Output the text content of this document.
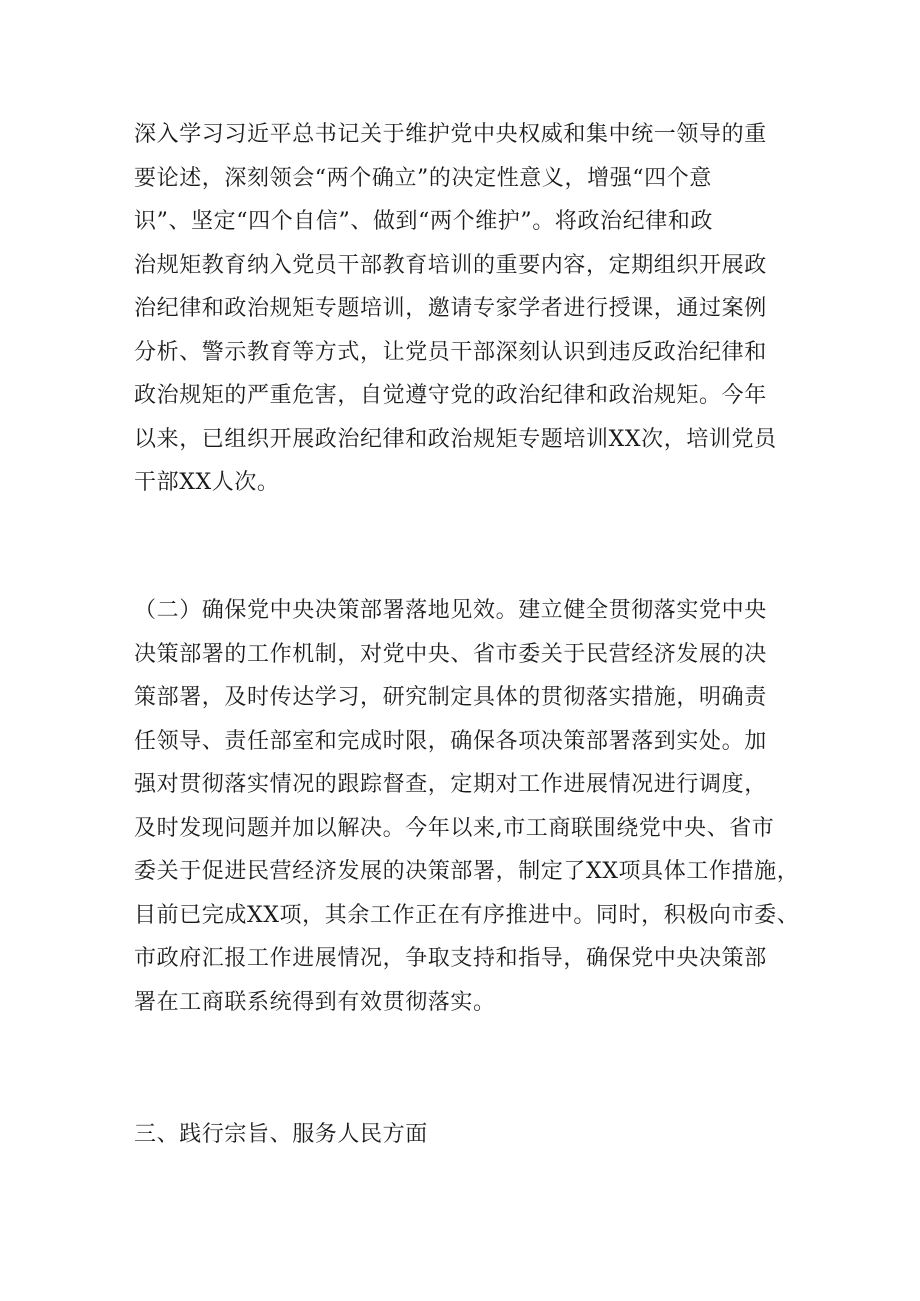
深入学习习近平总书记关于维护党中央权威和集中统一领导的重
要论述，深刻领会“两个确立”的决定性意义，增强“四个意
识”、坚定“四个自信”、做到“两个维护”。将政治纪律和政
治规矩教育纳入党员干部教育培训的重要内容，定期组织开展政
治纪律和政治规矩专题培训，邀请专家学者进行授课，通过案例
分析、警示教育等方式，让党员干部深刻认识到违反政治纪律和
政治规矩的严重危害，自觉遵守党的政治纪律和政治规矩。今年
以来，已组织开展政治纪律和政治规矩专题培训XX次，培训党员
干部XX人次。
（二）确保党中央决策部署落地见效。建立健全贯彻落实党中央
决策部署的工作机制，对党中央、省市委关于民营经济发展的决
策部署，及时传达学习，研究制定具体的贯彻落实措施，明确责
任领导、责任部室和完成时限，确保各项决策部署落到实处。加
强对贯彻落实情况的跟踪督查，定期对工作进展情况进行调度，
及时发现问题并加以解决。今年以来,市工商联围绕党中央、省市
委关于促进民营经济发展的决策部署，制定了XX项具体工作措施，
目前已完成XX项，其余工作正在有序推进中。同时，积极向市委、
市政府汇报工作进展情况，争取支持和指导，确保党中央决策部
署在工商联系统得到有效贯彻落实。
三、践行宗旨、服务人民方面
